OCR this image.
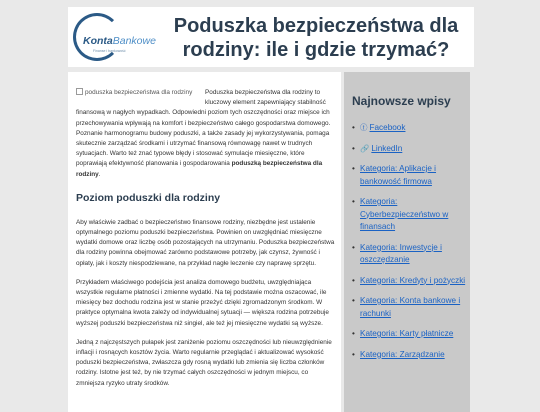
KontaBankowe
Finanse i bankowość
Poduszka bezpieczeństwa dla rodziny: ile i gdzie trzymać?
poduszka bezpieczeństwa dla rodziny	Poduszka bezpieczeństwa dla rodziny to kluczowy element zapewniający stabilność finansową w nagłych wypadkach. Odpowiedni poziom tych oszczędności oraz miejsce ich przechowywania wpływają na komfort i bezpieczeństwo całego gospodarstwa domowego. Poznanie harmonogramu budowy poduszki, a także zasady jej wykorzystywania, pomaga skutecznie zarządzać środkami i utrzymać finansową równowagę nawet w trudnych sytuacjach. Warto też znać typowe błędy i stosować symulacje miesięczne, które poprawiają efektywność planowania i gospodarowania poduszką bezpieczeństwa dla rodziny.
Poziom poduszki dla rodziny
Aby właściwie zadbać o bezpieczeństwo finansowe rodziny, niezbędne jest ustalenie optymalnego poziomu poduszki bezpieczeństwa. Powinien on uwzględniać miesięczne wydatki domowe oraz liczbę osób pozostających na utrzymaniu. Poduszka bezpieczeństwa dla rodziny powinna obejmować zarówno podstawowe potrzeby, jak czynsz, żywność i opłaty, jak i koszty niespodziewane, na przykład nagłe leczenie czy naprawę sprzętu.
Przykładem właściwego podejścia jest analiza domowego budżetu, uwzględniająca wszystkie regularne płatności i zmienne wydatki. Na tej podstawie można oszacować, ile miesięcy bez dochodu rodzina jest w stanie przeżyć dzięki zgromadzonym środkom. W praktyce optymalna kwota zależy od indywidualnej sytuacji — większa rodzina potrzebuje wyższej poduszki bezpieczeństwa niż singiel, ale też jej miesięczne wydatki są wyższe.
Jedną z najczęstszych pułapek jest zaniżenie poziomu oszczędności lub nieuwzględnienie inflacji i rosnących kosztów życia. Warto regularnie przeglądać i aktualizować wysokość poduszki bezpieczeństwa, zwłaszcza gdy rosną wydatki lub zmienia się liczba członków rodziny. Istotne jest też, by nie trzymać całych oszczędności w jednym miejscu, co zmniejsza ryzyko utraty środków.
Najnowsze wpisy
• ⓕ Facebook
• 🔗 LinkedIn
• Kategoria: Aplikacje i bankowość firmowa
• Kategoria: Cyberbezpieczeństwo w finansach
• Kategoria: Inwestycje i oszczędzanie
• Kategoria: Kredyty i pożyczki
• Kategoria: Konta bankowe i rachunki
• Kategoria: Karty płatnicze
• Kategoria: Zarządzanie
